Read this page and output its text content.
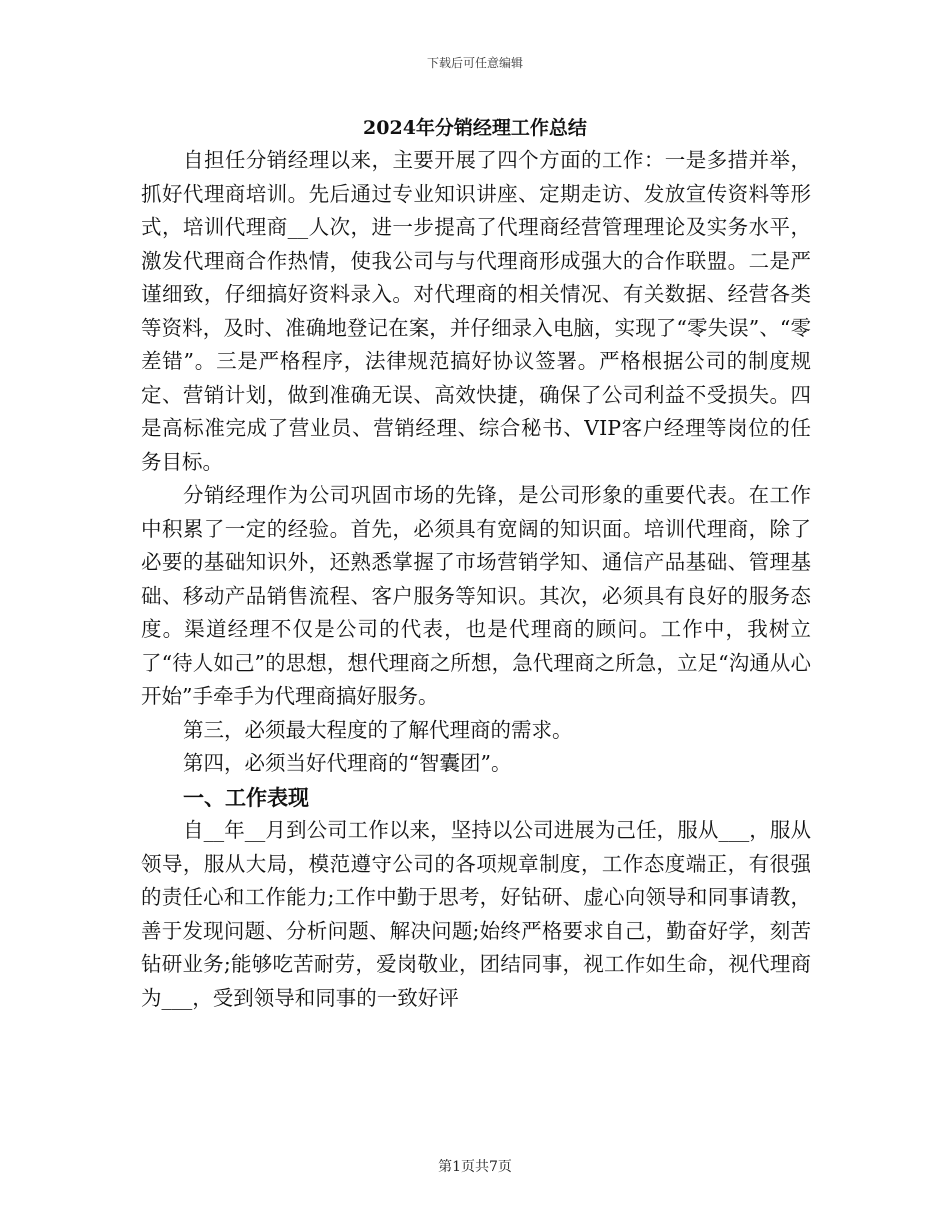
下载后可任意编辑
2024年分销经理工作总结

自担任分销经理以来，主要开展了四个方面的工作：一是多措并举，抓好代理商培训。先后通过专业知识讲座、定期走访、发放宣传资料等形式，培训代理商__人次，进一步提高了代理商经营管理理论及实务水平，激发代理商合作热情，使我公司与与代理商形成强大的合作联盟。二是严谨细致，仔细搞好资料录入。对代理商的相关情况、有关数据、经营各类等资料，及时、准确地登记在案，并仔细录入电脑，实现了“零失误”、“零差错”。三是严格程序，法律规范搞好协议签署。严格根据公司的制度规定、营销计划，做到准确无误、高效快捷，确保了公司利益不受损失。四是高标准完成了营业员、营销经理、综合秘书、VIP客户经理等岗位的任务目标。

分销经理作为公司巩固市场的先锋，是公司形象的重要代表。在工作中积累了一定的经验。首先，必须具有宽阔的知识面。培训代理商，除了必要的基础知识外，还熟悉掌握了市场营销学知、通信产品基础、管理基础、移动产品销售流程、客户服务等知识。其次，必须具有良好的服务态度。渠道经理不仅是公司的代表，也是代理商的顾问。工作中，我树立了“待人如己”的思想，想代理商之所想，急代理商之所急，立足“沟通从心开始”手牵手为代理商搞好服务。

第三，必须最大程度的了解代理商的需求。

第四，必须当好代理商的“智囊团”。

一、工作表现

自__年__月到公司工作以来，坚持以公司进展为己任，服从___，服从领导，服从大局，模范遵守公司的各项规章制度，工作态度端正，有很强的责任心和工作能力;工作中勤于思考，好钻研、虚心向领导和同事请教，善于发现问题、分析问题、解决问题;始终严格要求自己，勤奋好学，刻苦钻研业务;能够吃苦耐劳，爱岗敬业，团结同事，视工作如生命，视代理商为___，受到领导和同事的一致好评

第1页共7页
